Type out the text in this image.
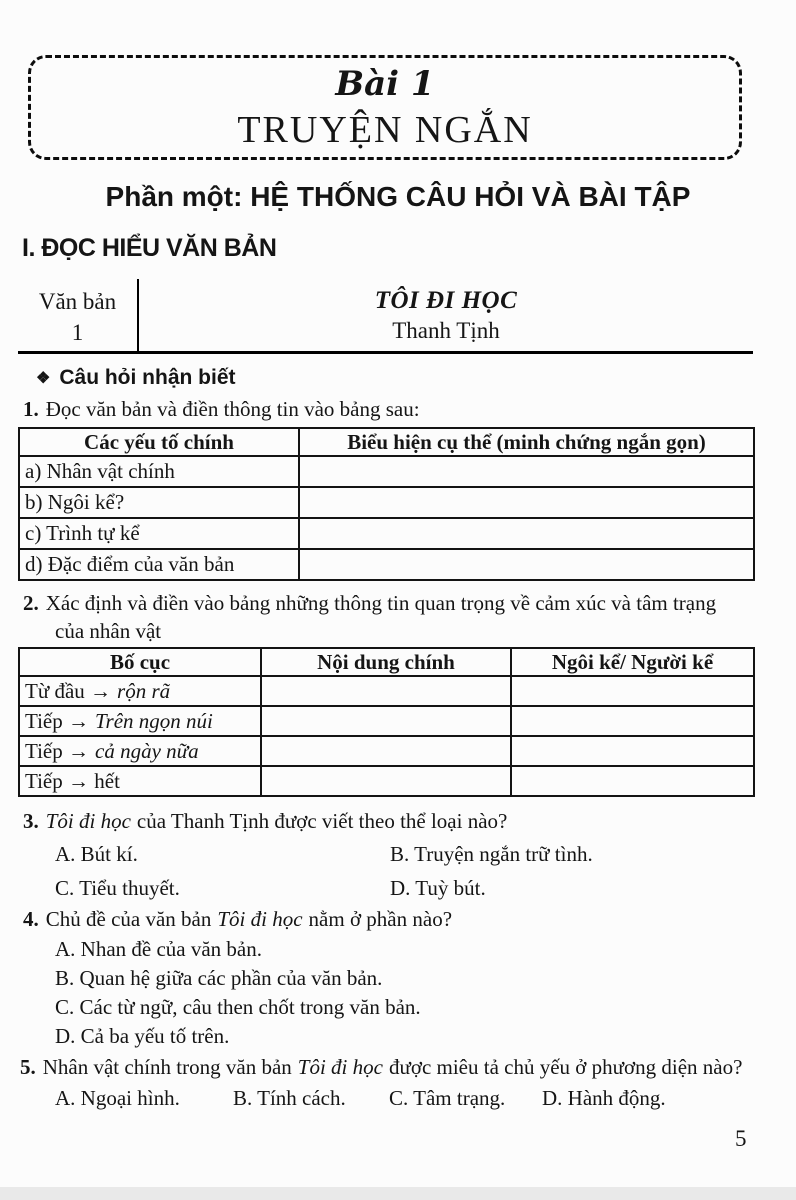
Bài 1
TRUYỆN NGẮN
Phần một: HỆ THỐNG CÂU HỎI VÀ BÀI TẬP
I. ĐỌC HIỂU VĂN BẢN
Văn bản
1
TÔI ĐI HỌC
Thanh Tịnh
❖ Câu hỏi nhận biết
1. Đọc văn bản và điền thông tin vào bảng sau:
Các yếu tố chính	Biểu hiện cụ thể (minh chứng ngắn gọn)
a) Nhân vật chính	
b) Ngôi kể?	
c) Trình tự kể	
d) Đặc điểm của văn bản	
2. Xác định và điền vào bảng những thông tin quan trọng về cảm xúc và tâm trạng
của nhân vật
Bố cục	Nội dung chính	Ngôi kể/ Người kể
Từ đầu → rộn rã		
Tiếp → Trên ngọn núi		
Tiếp → cả ngày nữa		
Tiếp → hết		
3. Tôi đi học của Thanh Tịnh được viết theo thể loại nào?
A. Bút kí.	B. Truyện ngắn trữ tình.
C. Tiểu thuyết.	D. Tuỳ bút.
4. Chủ đề của văn bản Tôi đi học nằm ở phần nào?
A. Nhan đề của văn bản.
B. Quan hệ giữa các phần của văn bản.
C. Các từ ngữ, câu then chốt trong văn bản.
D. Cả ba yếu tố trên.
5. Nhân vật chính trong văn bản Tôi đi học được miêu tả chủ yếu ở phương diện nào?
A. Ngoại hình.	B. Tính cách.	C. Tâm trạng.	D. Hành động.
5
